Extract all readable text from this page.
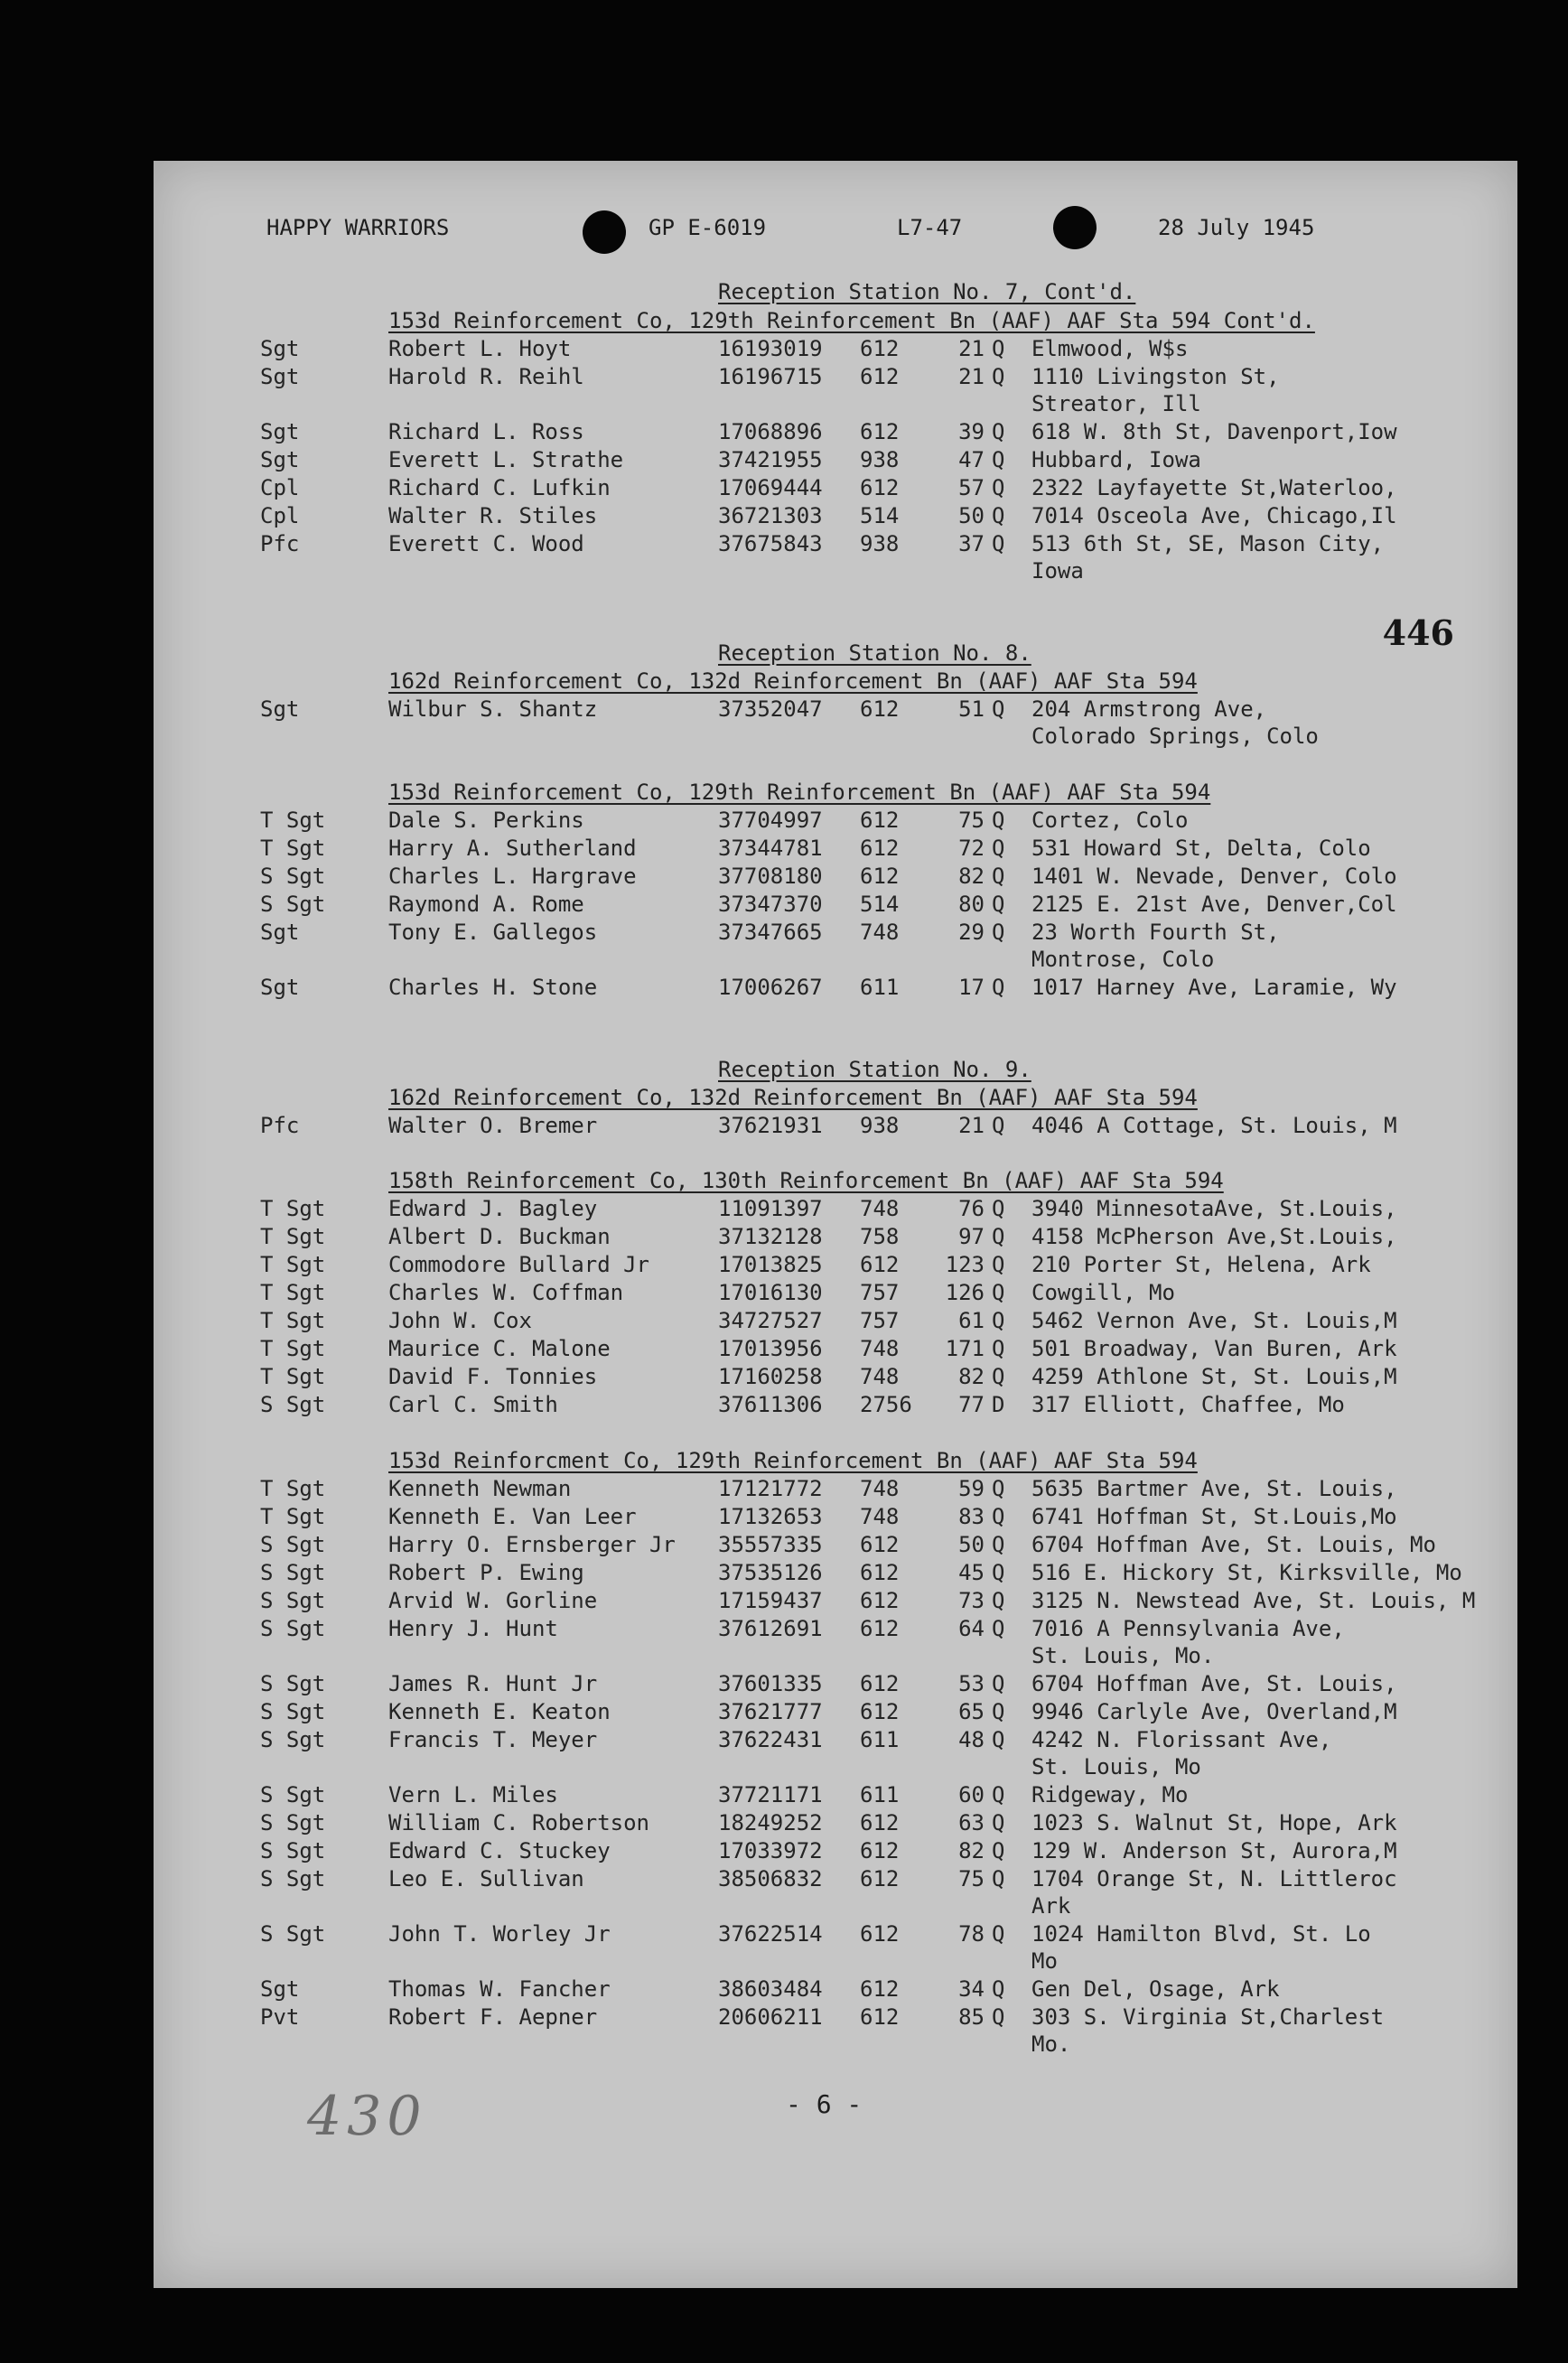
HAPPY WARRIORS	GP E-6019	L7-47	28 July 1945
446
Reception Station No. 7, Cont'd.
153d Reinforcement Co, 129th Reinforcement Bn (AAF) AAF Sta 594 Cont'd.
Sgt	Robert L. Hoyt	16193019 612	21 Q Elmwood, W$s
Sgt	Harold R. Reihl	16196715 612	21 Q 1110 Livingston St,
Streator, Ill
Sgt	Richard L. Ross	17068896 612	39 Q 618 W. 8th St, Davenport,Iow
Sgt	Everett L. Strathe	37421955 938	47 Q Hubbard, Iowa
Cpl	Richard C. Lufkin	17069444 612	57 Q 2322 Layfayette St,Waterloo,
Cpl	Walter R. Stiles	36721303 514	50 Q 7014 Osceola Ave, Chicago,Il
Pfc	Everett C. Wood	37675843 938	37 Q 513 6th St, SE, Mason City,
Iowa
Reception Station No. 8.
162d Reinforcement Co, 132d Reinforcement Bn (AAF) AAF Sta 594
Sgt	Wilbur S. Shantz	37352047 612	51 Q 204 Armstrong Ave,
Colorado Springs, Colo
153d Reinforcement Co, 129th Reinforcement Bn (AAF) AAF Sta 594
T Sgt	Dale S. Perkins	37704997 612	75 Q Cortez, Colo
T Sgt	Harry A. Sutherland	37344781 612	72 Q 531 Howard St, Delta, Colo
S Sgt	Charles L. Hargrave	37708180 612	82 Q 1401 W. Nevade, Denver, Colo
S Sgt	Raymond A. Rome	37347370 514	80 Q 2125 E. 21st Ave, Denver,Col
Sgt	Tony E. Gallegos	37347665 748	29 Q 23 Worth Fourth St,
Montrose, Colo
Sgt	Charles H. Stone	17006267 611	17 Q 1017 Harney Ave, Laramie, Wy
Reception Station No. 9.
162d Reinforcement Co, 132d Reinforcement Bn (AAF) AAF Sta 594
Pfc	Walter O. Bremer	37621931 938	21 Q 4046 A Cottage, St. Louis, M
158th Reinforcement Co, 130th Reinforcement Bn (AAF) AAF Sta 594
T Sgt	Edward J. Bagley	11091397 748	76 Q 3940 MinnesotaAve, St.Louis,
T Sgt	Albert D. Buckman	37132128 758	97 Q 4158 McPherson Ave,St.Louis,
T Sgt	Commodore Bullard Jr	17013825 612	123 Q 210 Porter St, Helena, Ark
T Sgt	Charles W. Coffman	17016130 757	126 Q Cowgill, Mo
T Sgt	John W. Cox	34727527 757	61 Q 5462 Vernon Ave, St. Louis,M
T Sgt	Maurice C. Malone	17013956 748	171 Q 501 Broadway, Van Buren, Ark
T Sgt	David F. Tonnies	17160258 748	82 Q 4259 Athlone St, St. Louis,M
S Sgt	Carl C. Smith	37611306 2756	77 D 317 Elliott, Chaffee, Mo
153d Reinforcment Co, 129th Reinforcement Bn (AAF) AAF Sta 594
T Sgt	Kenneth Newman	17121772 748	59 Q 5635 Bartmer Ave, St. Louis,
T Sgt	Kenneth E. Van Leer	17132653 748	83 Q 6741 Hoffman St, St.Louis,Mo
S Sgt	Harry O. Ernsberger Jr 35557335 612	50 Q 6704 Hoffman Ave, St. Louis, Mo
S Sgt	Robert P. Ewing	37535126 612	45 Q 516 E. Hickory St, Kirksville, Mo
S Sgt	Arvid W. Gorline	17159437 612	73 Q 3125 N. Newstead Ave, St. Louis, M
S Sgt	Henry J. Hunt	37612691 612	64 Q 7016 A Pennsylvania Ave,
St. Louis, Mo.
S Sgt	James R. Hunt Jr	37601335 612	53 Q 6704 Hoffman Ave, St. Louis,
S Sgt	Kenneth E. Keaton	37621777 612	65 Q 9946 Carlyle Ave, Overland,M
S Sgt	Francis T. Meyer	37622431 611	48 Q 4242 N. Florissant Ave,
St. Louis, Mo
S Sgt	Vern L. Miles	37721171 611	60 Q Ridgeway, Mo
S Sgt	William C. Robertson	18249252 612	63 Q 1023 S. Walnut St, Hope, Ark
S Sgt	Edward C. Stuckey	17033972 612	82 Q 129 W. Anderson St, Aurora,M
S Sgt	Leo E. Sullivan	38506832 612	75 Q 1704 Orange St, N. Littleroc
Ark
S Sgt	John T. Worley Jr	37622514 612	78 Q 1024 Hamilton Blvd, St. Lo
Mo
Sgt	Thomas W. Fancher	38603484 612	34 Q Gen Del, Osage, Ark
Pvt	Robert F. Aepner	20606211 612	85 Q 303 S. Virginia St,Charlest
Mo.
430	- 6 -
